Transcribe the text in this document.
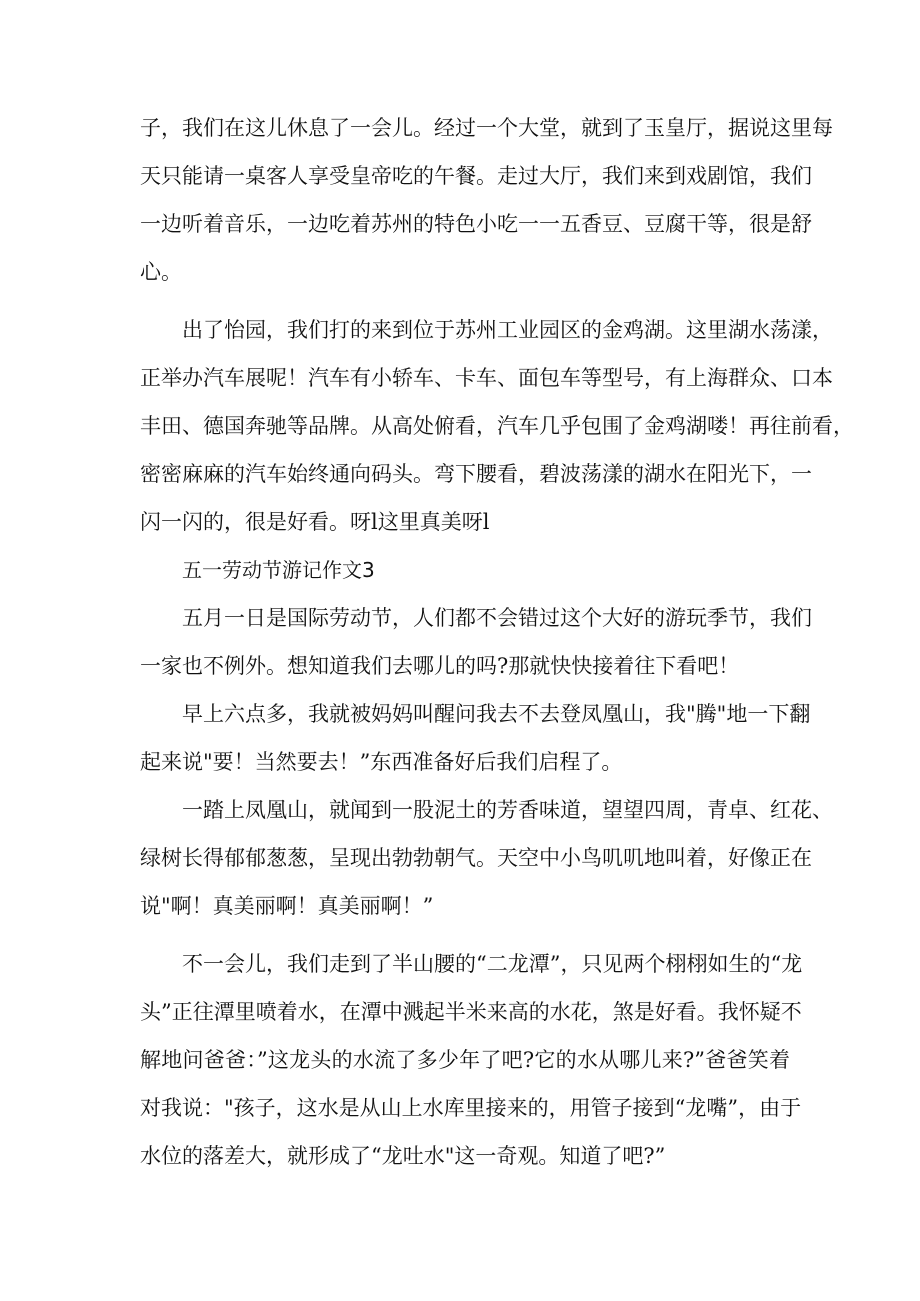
子，我们在这儿休息了一会儿。经过一个大堂，就到了玉皇厅，据说这里每
天只能请一桌客人享受皇帝吃的午餐。走过大厅，我们来到戏剧馆，我们
一边听着音乐，一边吃着苏州的特色小吃一一五香豆、豆腐干等，很是舒
心。
出了怡园，我们打的来到位于苏州工业园区的金鸡湖。这里湖水荡漾，
正举办汽车展呢！汽车有小轿车、卡车、面包车等型号，有上海群众、口本
丰田、德国奔驰等品牌。从高处俯看，汽车几乎包围了金鸡湖喽！再往前看，
密密麻麻的汽车始终通向码头。弯下腰看，碧波荡漾的湖水在阳光下，一
闪一闪的，很是好看。呀l这里真美呀l
五一劳动节游记作文3
五月一日是国际劳动节，人们都不会错过这个大好的游玩季节，我们
一家也不例外。想知道我们去哪儿的吗?那就快快接着往下看吧！
早上六点多，我就被妈妈叫醒问我去不去登凤凰山，我"腾"地一下翻
起来说"要！当然要去！”东西准备好后我们启程了。
一踏上凤凰山，就闻到一股泥土的芳香味道，望望四周，青卓、红花、
绿树长得郁郁葱葱，呈现出勃勃朝气。天空中小鸟叽叽地叫着，好像正在
说"啊！真美丽啊！真美丽啊！”
不一会儿，我们走到了半山腰的“二龙潭”，只见两个栩栩如生的“龙
头”正往潭里喷着水，在潭中溅起半米来高的水花，煞是好看。我怀疑不
解地问爸爸：”这龙头的水流了多少年了吧?它的水从哪儿来?”爸爸笑着
对我说："孩子，这水是从山上水库里接来的，用管子接到“龙嘴”，由于
水位的落差大，就形成了“龙吐水"这一奇观。知道了吧?”
